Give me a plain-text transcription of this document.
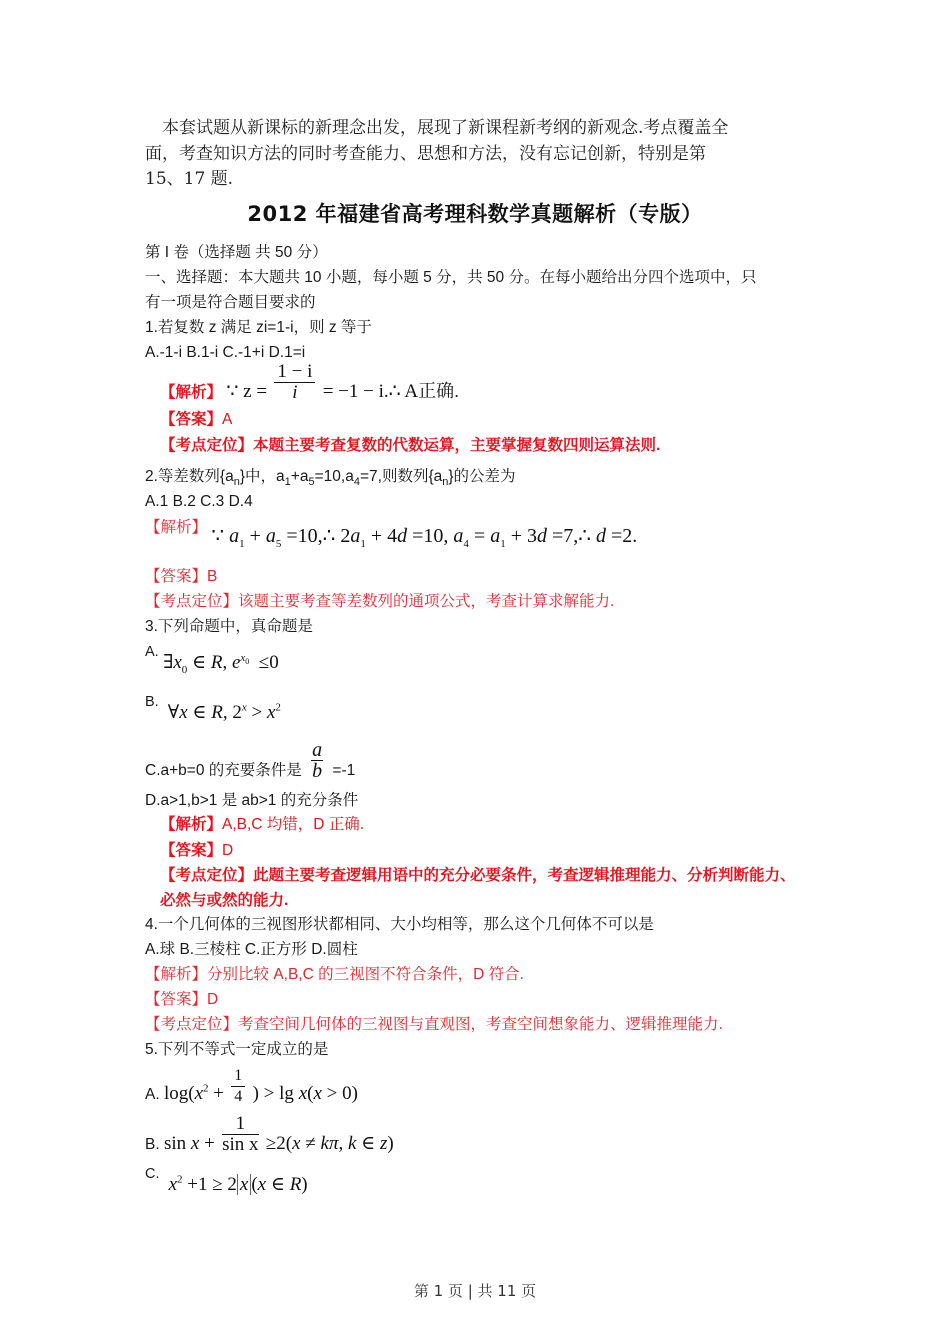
本套试题从新课标的新理念出发，展现了新课程新考纲的新观念.考点覆盖全
面，考查知识方法的同时考查能力、思想和方法，没有忘记创新，特别是第
15、17 题.
2012 年福建省高考理科数学真题解析（专版）
第 I 卷（选择题 共 50 分）
一、选择题：本大题共 10 小题，每小题 5 分，共 50 分。在每小题给出分四个选项中，只
有一项是符合题目要求的
1.若复数 z 满足 zi=1-i，则 z 等于
A.-1-i B.1-i C.-1+i D.1=i
【解析】 ∵ $z = \frac{1 - i}{i} = -1$ − i.∴ A正确.
【答案】A
【考点定位】本题主要考查复数的代数运算，主要掌握复数四则运算法则.
2.等差数列$\{a_n\}$中，$a_1+a_5=10,a_4=7$,则数列$\{a_n\}$的公差为
A.1 B.2 C.3 D.4
【解析】 ∵ $a_1 + a_5$ =10,∴ $2a_1 + 4d =10$, $a_4 = a_1 + 3d$ =7,∴ d =2.
【答案】B
【考点定位】该题主要考查等差数列的通项公式，考查计算求解能力.
3.下列命题中，真命题是
A. $\exists x_0$ ∈ R, $e^{x_0} \le 0$
B.  ∀x ∈ R, $2^x > x^2$
C.a+b=0 的充要条件是 $\frac{a}{b} =-1$
D.a>1,b>1 是 ab>1 的充分条件
【解析】A,B,C 均错，D 正确.
【答案】D
【考点定位】此题主要考查逻辑用语中的充分必要条件，考查逻辑推理能力、分析判断能力、
必然与或然的能力.
4.一个几何体的三视图形状都相同、大小均相等，那么这个几何体不可以是
A.球 B.三棱柱 C.正方形 D.圆柱
【解析】分别比较 A,B,C 的三视图不符合条件，D 符合.
【答案】D
【考点定位】考查空间几何体的三视图与直观图，考查空间想象能力、逻辑推理能力.
5.下列不等式一定成立的是
A. $\log(x^2 + \frac{1}{4}$ ) > lg x(x > 0)
B. $\sin x + \frac{1}{\text{sin x}} \ge 2(x \ne k\pi$, k ∈ z)
C.  $x^2 +1 \ge 2$ x (x ∈ R)
第 1 页 | 共 11 页
